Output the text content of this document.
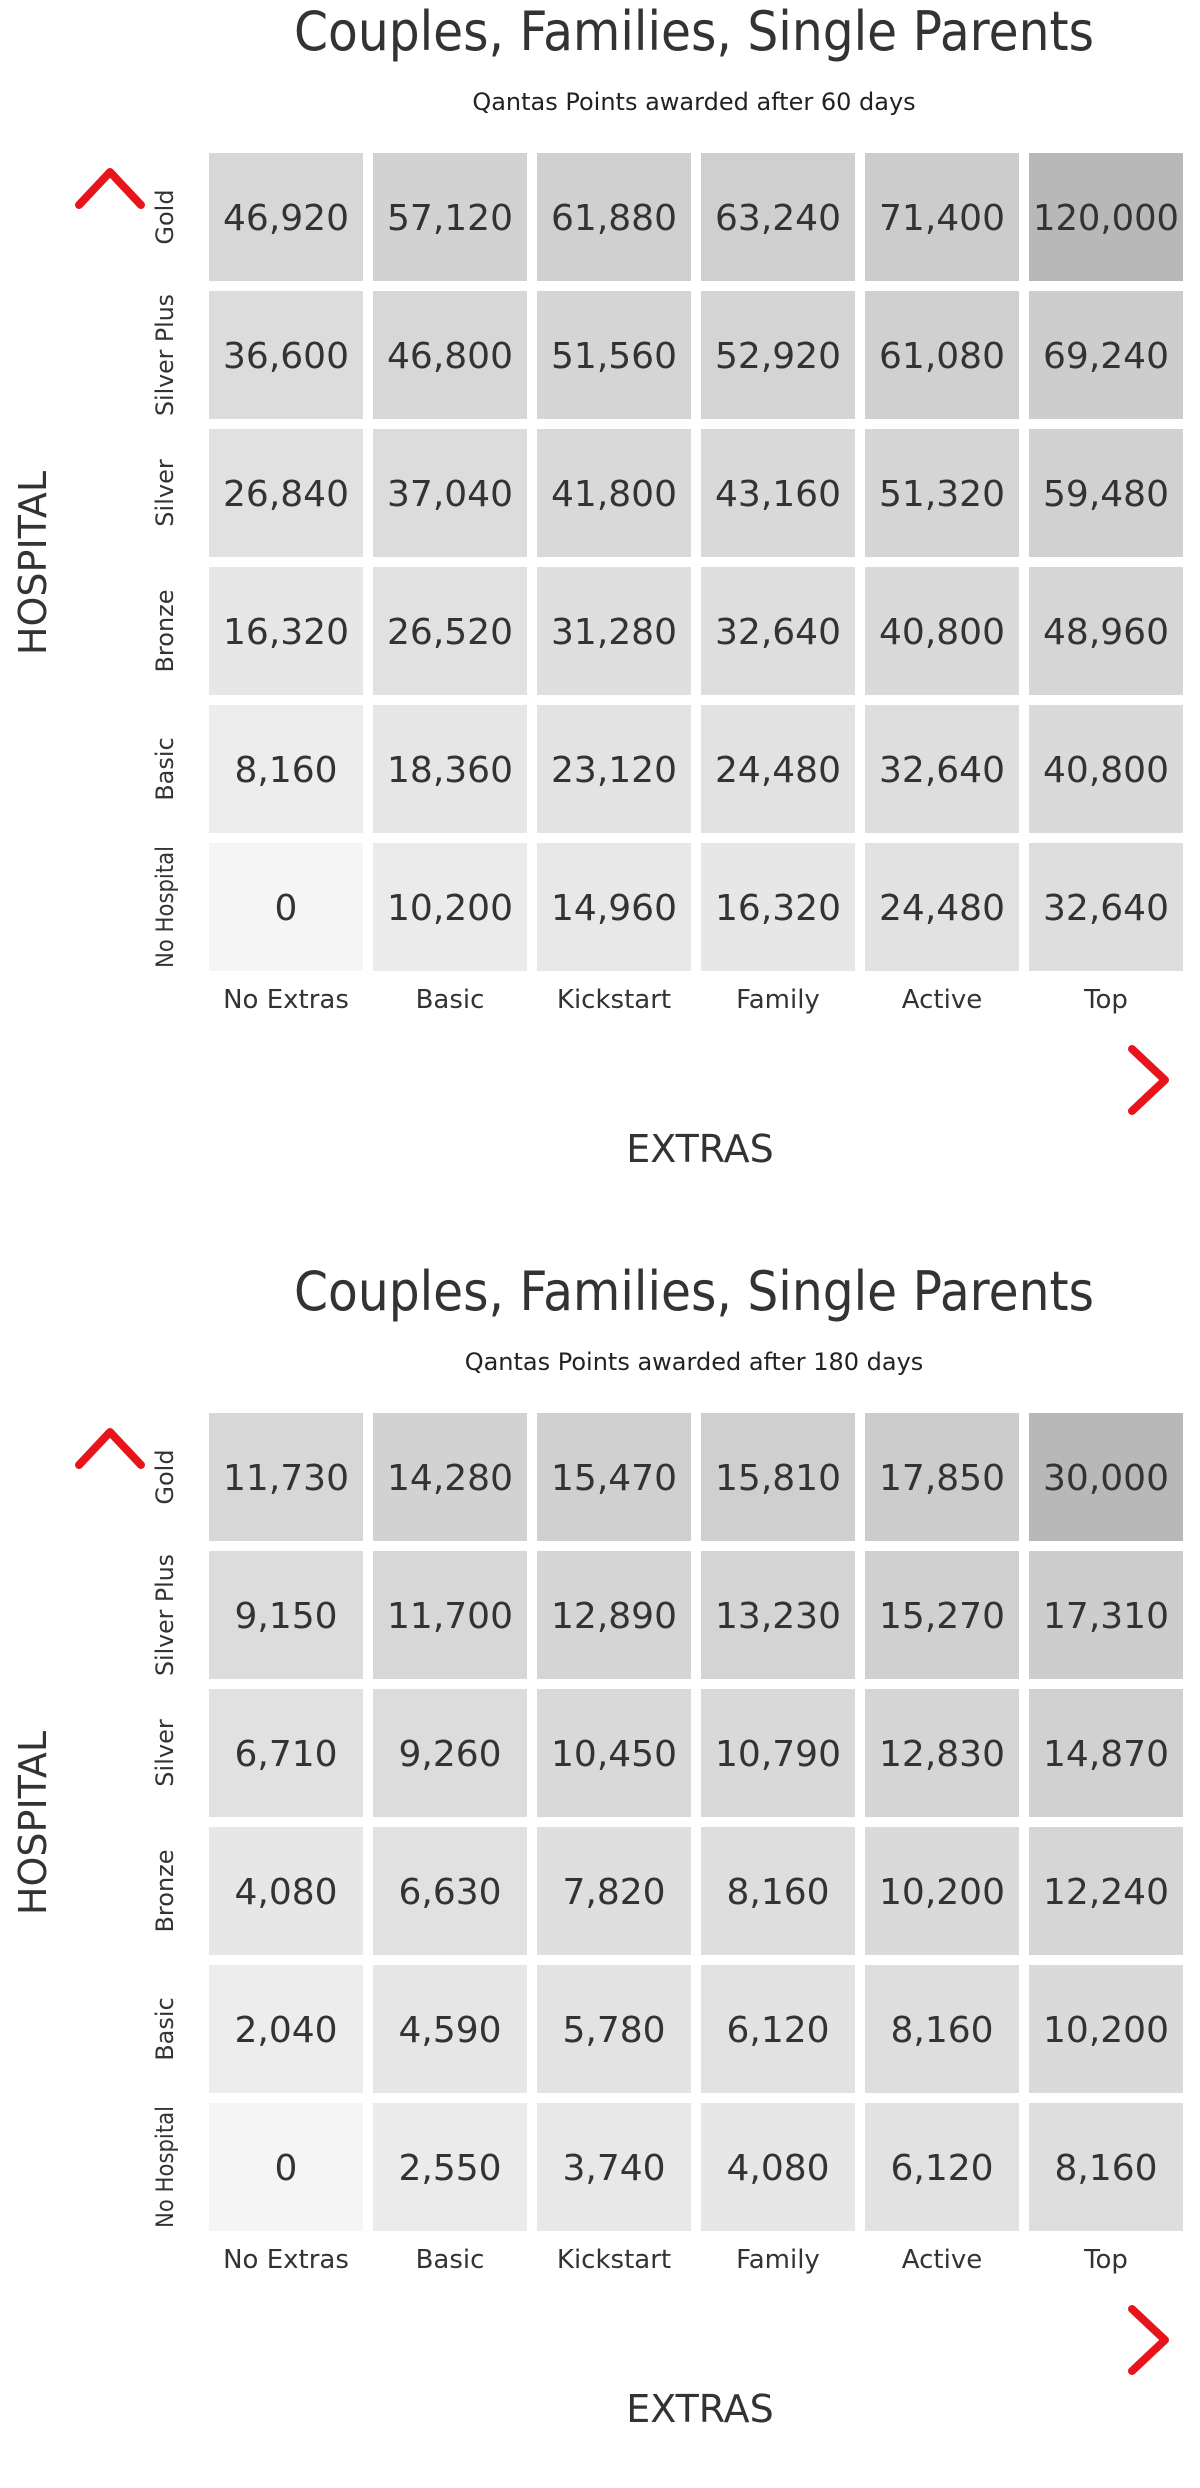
Couples, Families, Single Parents
Qantas Points awarded after 60 days
46,920 57,120 61,880 63,240 71,400 120,000
36,600 46,800 51,560 52,920 61,080 69,240
26,840 37,040 41,800 43,160 51,320 59,480
16,320 26,520 31,280 32,640 40,800 48,960
8,160 18,360 23,120 24,480 32,640 40,800
0 10,200 14,960 16,320 24,480 32,640
Gold
Silver Plus
Silver
Bronze
Basic
No Hospital
No Extras	Basic	Kickstart	Family	Active	Top
HOSPITAL
EXTRAS
Couples, Families, Single Parents
Qantas Points awarded after 180 days
11,730 14,280 15,470 15,810 17,850 30,000
9,150 11,700 12,890 13,230 15,270 17,310
6,710 9,260 10,450 10,790 12,830 14,870
4,080 6,630 7,820 8,160 10,200 12,240
2,040 4,590 5,780 6,120 8,160 10,200
0	2,550 3,740 4,080 6,120 8,160
Gold
Silver Plus
Silver
Bronze
Basic
No Hospital
No Extras	Basic	Kickstart	Family	Active	Top
HOSPITAL
EXTRAS
